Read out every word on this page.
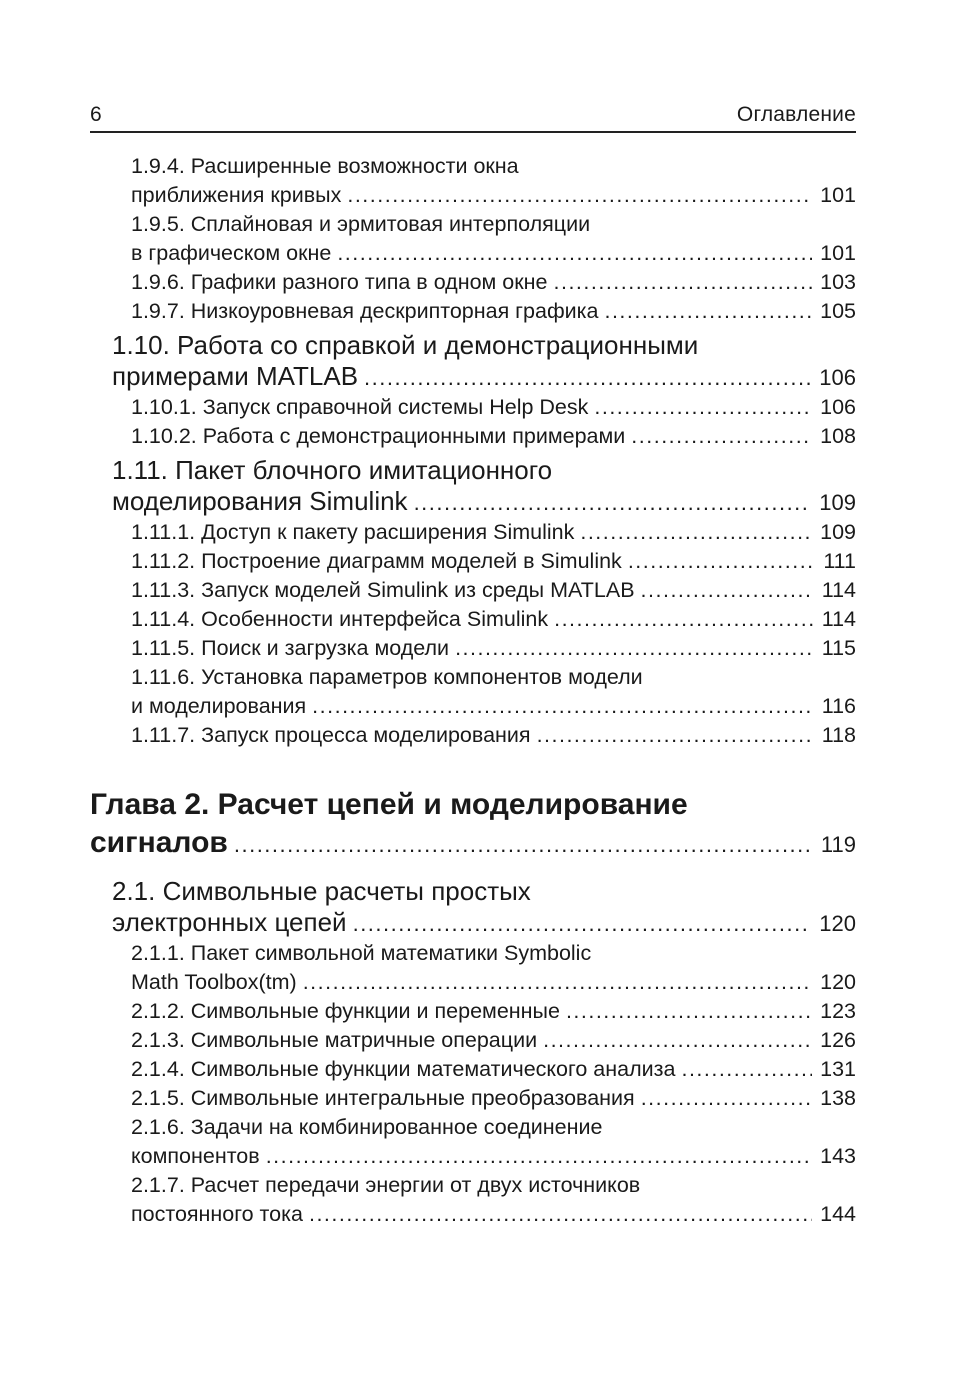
6	Оглавление
1.9.4. Расширенные возможности окна
приближения кривых .....	101
1.9.5. Сплайновая и эрмитовая интерполяции
в графическом окне .....	101
1.9.6. Графики разного типа в одном окне .....	103
1.9.7. Низкоуровневая дескрипторная графика .....	105
1.10. Работа со справкой и демонстрационными
примерами MATLAB .....	106
1.10.1. Запуск справочной системы Help Desk .....	106
1.10.2. Работа с демонстрационными примерами .....	108
1.11. Пакет блочного имитационного
моделирования Simulink .....	109
1.11.1. Доступ к пакету расширения Simulink .....	109
1.11.2. Построение диаграмм моделей в Simulink .....	111
1.11.3. Запуск моделей Simulink из среды MATLAB .....	114
1.11.4. Особенности интерфейса Simulink .....	114
1.11.5. Поиск и загрузка модели .....	115
1.11.6. Установка параметров компонентов модели
и моделирования .....	116
1.11.7. Запуск процесса моделирования .....	118
Глава 2. Расчет цепей и моделирование
сигналов .....	119
2.1. Символьные расчеты простых
электронных цепей .....	120
2.1.1. Пакет символьной математики Symbolic
Math Toolbox(tm) .....	120
2.1.2. Символьные функции и переменные .....	123
2.1.3. Символьные матричные операции .....	126
2.1.4. Символьные функции математического анализа .....	131
2.1.5. Символьные интегральные преобразования .....	138
2.1.6. Задачи на комбинированное соединение
компонентов .....	143
2.1.7. Расчет передачи энергии от двух источников
постоянного тока .....	144
